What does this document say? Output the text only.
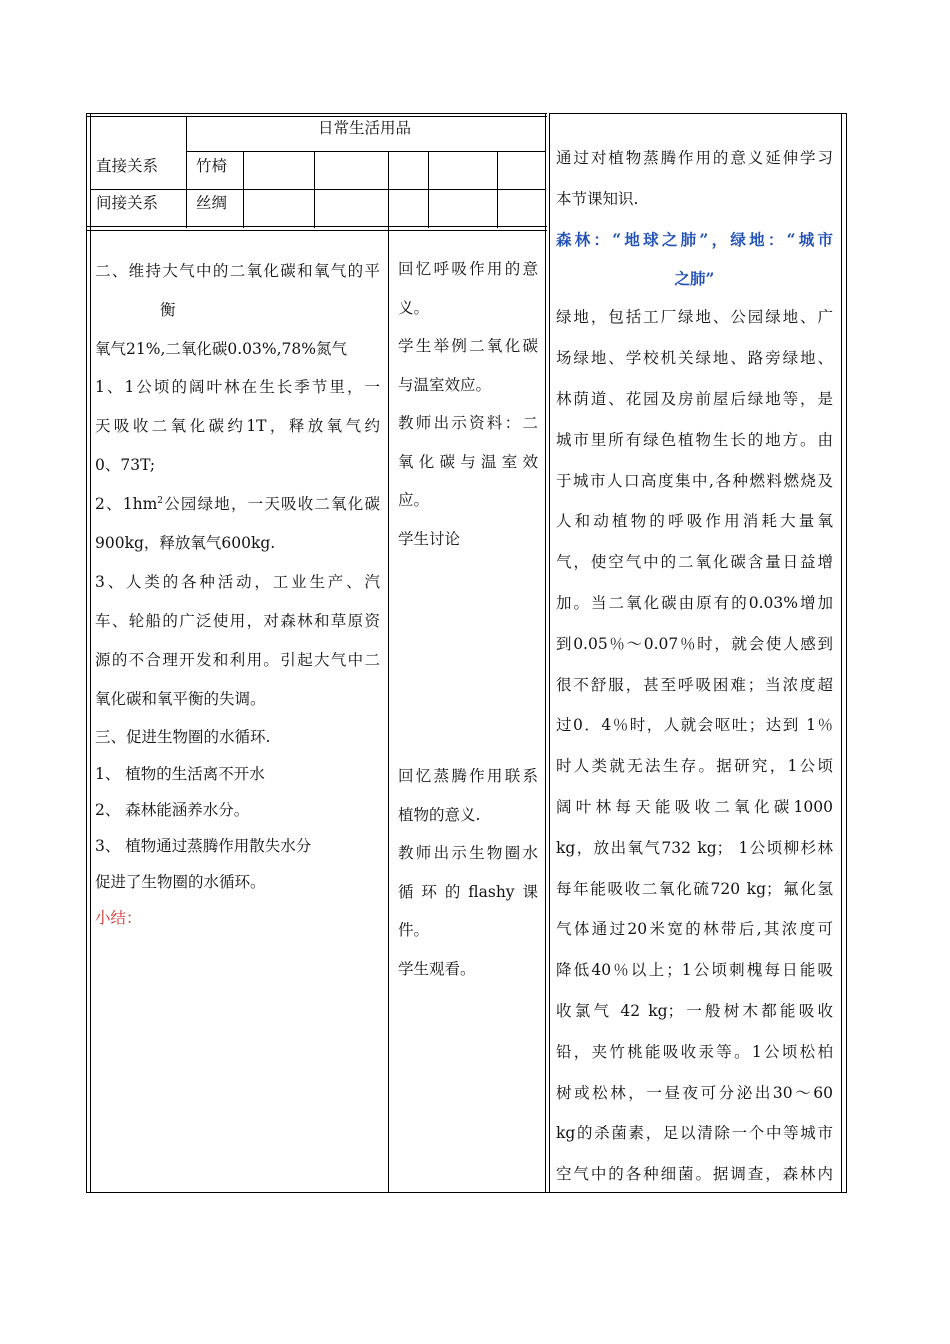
日常生活用品
直接关系 竹椅
间接关系 丝绸
二、维持大气中的二氧化碳和氧气的平
衡
氧气21%,二氧化碳0.03%,78%氮气
1、1公顷的阔叶林在生长季节里，一
天吸收二氧化碳约1T，释放氧气约
0、73T;
2、$1hm^2$公园绿地，一天吸收二氧化碳
900kg，释放氧气600kg.
3、人类的各种活动，工业生产、汽
车、轮船的广泛使用，对森林和草原资
源的不合理开发和利用。引起大气中二
氧化碳和氧平衡的失调。
三、促进生物圈的水循环.
1、 植物的生活离不开水
2、 森林能涵养水分。
3、 植物通过蒸腾作用散失水分
促进了生物圈的水循环。
小结：
回忆呼吸作用的意
义。
学生举例二氧化碳
与温室效应。
教师出示资料：二
氧化碳与温室效
应。
学生讨论
回忆蒸腾作用联系
植物的意义.
教师出示生物圈水
循环的flashy课
件。
学生观看。
通过对植物蒸腾作用的意义延伸学习
本节课知识.
森林：“地球之肺”，绿地：“城市
之肺”
绿地，包括工厂绿地、公园绿地、广
场绿地、学校机关绿地、路旁绿地、
林荫道、花园及房前屋后绿地等，是
城市里所有绿色植物生长的地方。由
于城市人口高度集中,各种燃料燃烧及
人和动植物的呼吸作用消耗大量氧
气，使空气中的二氧化碳含量日益增
加。当二氧化碳由原有的0.03%增加
到0.05％～0.07％时，就会使人感到
很不舒服，甚至呼吸困难；当浓度超
过0．4％时，人就会呕吐；达到 1％
时人类就无法生存。据研究，1公顷
阔叶林每天能吸收二氧化碳1000
kg，放出氧气732 kg； 1公顷柳杉林
每年能吸收二氧化硫720 kg；氟化氢
气体通过20米宽的林带后,其浓度可
降低40％以上；1公顷刺槐每日能吸
收氯气 42 kg；一般树木都能吸收
铅，夹竹桃能吸收汞等。1公顷松柏
树或松林，一昼夜可分泌出30～60
kg的杀菌素，足以清除一个中等城市
空气中的各种细菌。据调查，森林内
